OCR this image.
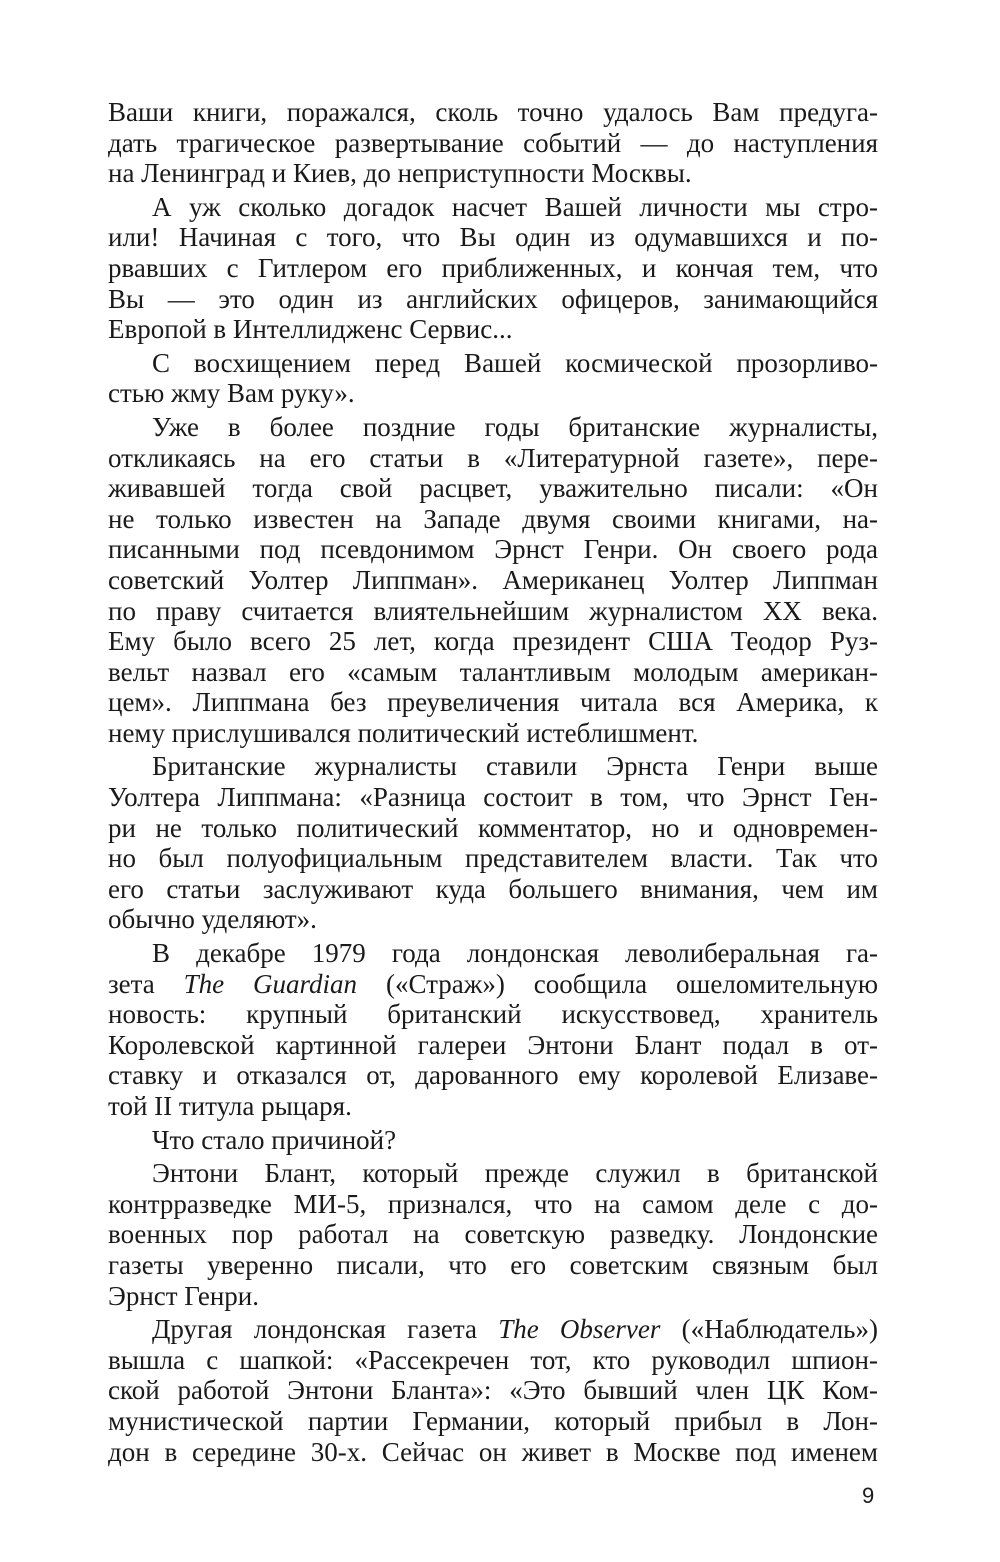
Ваши книги, поражался, сколь точно удалось Вам предуга-
дать трагическое развертывание событий — до наступления
на Ленинград и Киев, до неприступности Москвы.
А уж сколько догадок насчет Вашей личности мы стро-
или! Начиная с того, что Вы один из одумавшихся и по-
рвавших с Гитлером его приближенных, и кончая тем, что
Вы — это один из английских офицеров, занимающийся
Европой в Интеллидженс Сервис...
С восхищением перед Вашей космической прозорливо-
стью жму Вам руку».
Уже в более поздние годы британские журналисты,
откликаясь на его статьи в «Литературной газете», пере-
живавшей тогда свой расцвет, уважительно писали: «Он
не только известен на Западе двумя своими книгами, на-
писанными под псевдонимом Эрнст Генри. Он своего рода
советский Уолтер Липпман». Американец Уолтер Липпман
по праву считается влиятельнейшим журналистом XX века.
Ему было всего 25 лет, когда президент США Теодор Руз-
вельт назвал его «самым талантливым молодым американ-
цем». Липпмана без преувеличения читала вся Америка, к
нему прислушивался политический истеблишмент.
Британские журналисты ставили Эрнста Генри выше
Уолтера Липпмана: «Разница состоит в том, что Эрнст Ген-
ри не только политический комментатор, но и одновремен-
но был полуофициальным представителем власти. Так что
его статьи заслуживают куда большего внимания, чем им
обычно уделяют».
В декабре 1979 года лондонская леволиберальная га-
зета The Guardian («Страж») сообщила ошеломительную
новость: крупный британский искусствовед, хранитель
Королевской картинной галереи Энтони Блант подал в от-
ставку и отказался от, дарованного ему королевой Елизаве-
той II титула рыцаря.
Что стало причиной?
Энтони Блант, который прежде служил в британской
контрразведке МИ-5, признался, что на самом деле с до-
военных пор работал на советскую разведку. Лондонские
газеты уверенно писали, что его советским связным был
Эрнст Генри.
Другая лондонская газета The Observer («Наблюдатель»)
вышла с шапкой: «Рассекречен тот, кто руководил шпион-
ской работой Энтони Бланта»: «Это бывший член ЦК Ком-
мунистической партии Германии, который прибыл в Лон-
дон в середине 30-х. Сейчас он живет в Москве под именем
9
